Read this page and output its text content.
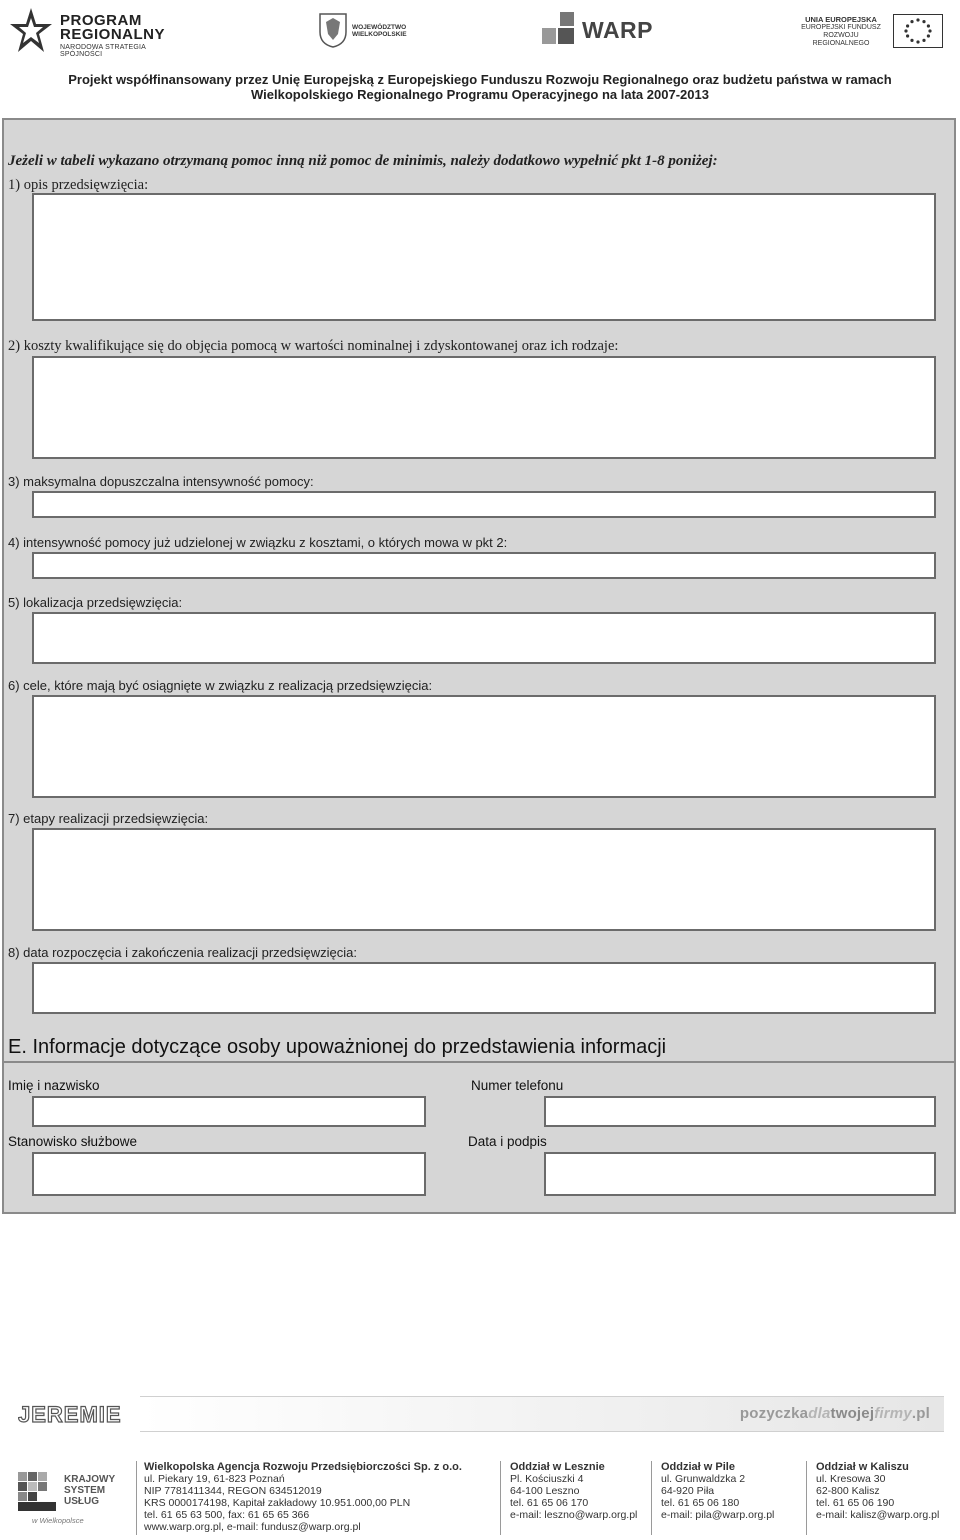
PROGRAM
REGIONALNY
NARODOWA STRATEGIA SPÓJNOŚCI
WOJEWÓDZTWO
WIELKOPOLSKIE	WARP	UNIA EUROPEJSKA
EUROPEJSKI FUNDUSZ
ROZWOJU REGIONALNEGO
Projekt współfinansowany przez Unię Europejską z Europejskiego Funduszu Rozwoju Regionalnego oraz budżetu państwa w ramach
Wielkopolskiego Regionalnego Programu Operacyjnego na lata 2007-2013
Jeżeli w tabeli wykazano otrzymaną pomoc inną niż pomoc de minimis, należy dodatkowo wypełnić pkt 1-8 poniżej:
1) opis przedsięwzięcia:
2) koszty kwalifikujące się do objęcia pomocą w wartości nominalnej i zdyskontowanej oraz ich rodzaje:
3) maksymalna dopuszczalna intensywność pomocy:
4) intensywność pomocy już udzielonej w związku z kosztami, o których mowa w pkt 2:
5) lokalizacja przedsięwzięcia:
6) cele, które mają być osiągnięte w związku z realizacją przedsięwzięcia:
7) etapy realizacji przedsięwzięcia:
8) data rozpoczęcia i zakończenia realizacji przedsięwzięcia:
E. Informacje dotyczące osoby upoważnionej do przedstawienia informacji
Imię i nazwisko	Numer telefonu
Stanowisko służbowe	Data i podpis
JEREMIE	pozyczkadlatwojejfirmy.pl
KRAJOWY
SYSTEM
USŁUG
w Wielkopolsce
Wielkopolska Agencja Rozwoju Przedsiębiorczości Sp. z o.o.
ul. Piekary 19, 61-823 Poznań
NIP 7781411344, REGON 634512019
KRS 0000174198, Kapitał zakładowy 10.951.000,00 PLN
tel. 61 65 63 500, fax: 61 65 65 366
www.warp.org.pl, e-mail: fundusz@warp.org.pl
Oddział w Lesznie
Pl. Kościuszki 4
64-100 Leszno
tel. 61 65 06 170
e-mail: leszno@warp.org.pl
Oddział w Pile
ul. Grunwaldzka 2
64-920 Piła
tel. 61 65 06 180
e-mail: pila@warp.org.pl
Oddział w Kaliszu
ul. Kresowa 30
62-800 Kalisz
tel. 61 65 06 190
e-mail: kalisz@warp.org.pl
